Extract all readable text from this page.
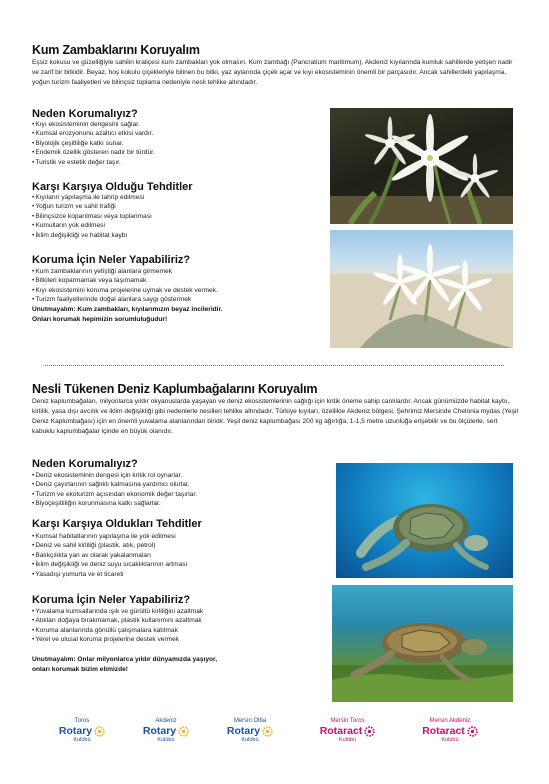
Kum Zambaklarını Koruyalım

Eşsiz kokusu ve güzelliğiyle sahilin kraliçesi kum zambakları yok olmasın. Kum zambağı (Pancratium maritimum), Akdeniz kıyılarında kumluk sahillerde yetişen nadir ve zarif bir bitkidir. Beyaz, hoş kokulu çiçekleriyle bilinen bu bitki, yaz aylarında çiçek açar ve kıyı ekosisteminin önemli bir parçasıdır. Ancak sahillerdeki yapılaşma, yoğun turizm faaliyetleri ve bilinçsiz toplama nedeniyle nesli tehlike altındadır.

Neden Korumalıyız?
• Kıyı ekosisteminin dengesini sağlar.
• Kumsal erozyonunu azaltıcı etkisi vardır.
• Biyolojik çeşitliliğe katkı sunar.
• Endemik özellik gösteren nadir bir türdür.
• Turistik ve estetik değer taşır.
Karşı Karşıya Olduğu Tehditler
• Kıyıların yapılaşma ile tahrip edilmesi
• Yoğun turizm ve sahil trafiği
• Bilinçsizce koparılması veya toplanması
• Kumulların yok edilmesi
• İklim değişikliği ve habitat kaybı
Koruma İçin Neler Yapabiliriz?
• Kum zambaklarının yetiştiği alanlara girmemek
• Bitkileri koparmamak veya taşımamak
• Kıyı ekosistemini koruma projelerine uymak ve destek vermek.
• Turizm faaliyetlerinde doğal alanlara saygı göstermek
Unutmayalım: Kum zambakları, kıyılarımızın beyaz incileridir.
Onları korumak hepimizin sorumluluğudur!
Nesli Tükenen Deniz Kaplumbağalarını Koruyalım

Deniz kaplumbağaları, milyonlarca yıldır okyanuslarda yaşayan ve deniz ekosistemlerinin sağlığı için kritik öneme sahip canlılardır. Ancak günümüzde habitat kaybı, kirlilik, yasa dışı avcılık ve iklim değişikliği gibi nedenlerle nesilleri tehlike altındadır. Türkiye kıyıları, özellikle Akdeniz bölgesi, Şehrimiz Mersinde Chelonia mydas (Yeşil Deniz Kaplumbağası) için en önemli yuvalama alanlarından biridir. Yeşil deniz kaplumbağası 200 kg ağırlığa, 1-1,5 metre uzunluğa erişebilir ve bu ölçülerle, sert kabuklu kaplumbağalar içinde en büyük olanıdır.

Neden Korumalıyız?
• Deniz ekosisteminin dengesi için kritik rol oynarlar.
• Deniz çayırlarının sağlıklı kalmasına yardımcı olurlar.
• Turizm ve ekoturizm açısından ekonomik değer taşırlar.
• Biyoçeşitliliğin korunmasına katkı sağlarlar.
Karşı Karşıya Oldukları Tehditler
• Kumsal habitatlarının yapılaşma ile yok edilmesi
• Deniz ve sahil kirliliği (plastik, atık, petrol)
• Balıkçılıkta yan av olarak yakalanmaları
• İklim değişikliği ve deniz suyu sıcaklıklarının artması
• Yasadışı yumurta ve et ticareti
Koruma İçin Neler Yapabiliriz?
• Yuvalama kumsallarında ışık ve gürültü kirliliğini azaltmak
• Atıkları doğaya bırakmamak, plastik kullanımını azaltmak
• Koruma alanlarında gönüllü çalışmalara katılmak
• Yerel ve ulusal koruma projelerine destek vermek
Unutmayalım: Onlar milyonlarca yıldır dünyamızda yaşıyor,
onları korumak bizim elimizde!
Toros
Rotary
Kulübü
Akdeniz
Rotary
Kulübü
Mersin Olba
Rotary
Kulübü
Mersin Toros
Rotaract
Kulübü
Mersin Akdeniz
Rotaract
Kulübü
